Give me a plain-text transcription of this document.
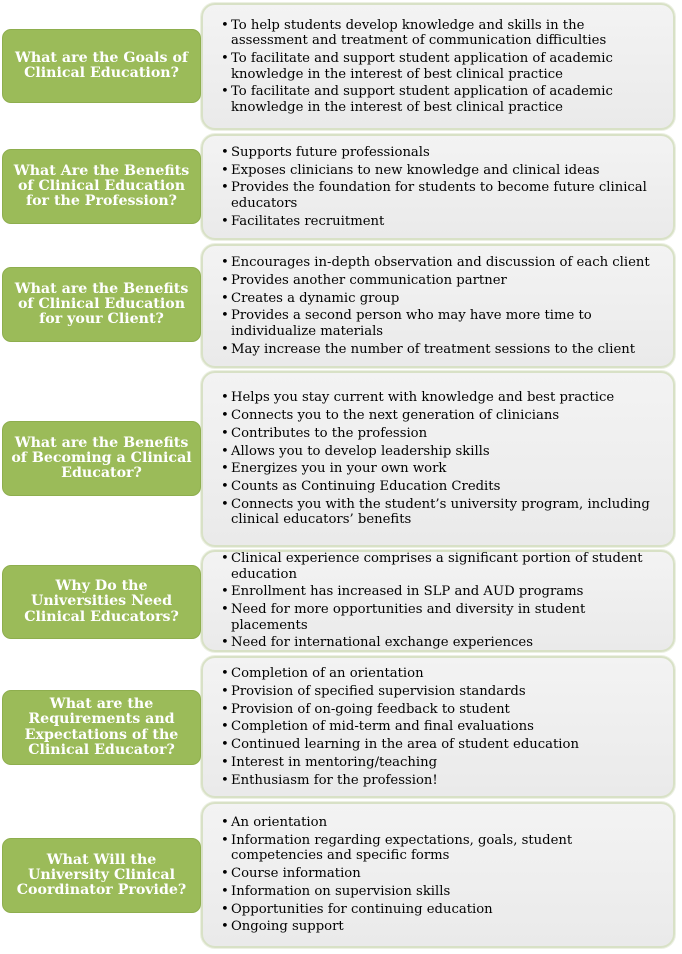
• To help students develop knowledge and skills in the assessment and treatment of communication difficulties
• To facilitate and support student application of academic knowledge in the interest of best clinical practice
• To facilitate and support student application of academic knowledge in the interest of best clinical practice
What are the Goals of Clinical Education?
• Supports future professionals
• Exposes clinicians to new knowledge and clinical ideas
• Provides the foundation for students to become future clinical educators
• Facilitates recruitment
What Are the Benefits of Clinical Education for the Profession?
• Encourages in-depth observation and discussion of each client
• Provides another communication partner
• Creates a dynamic group
• Provides a second person who may have more time to individualize materials
• May increase the number of treatment sessions to the client
What are the Benefits of Clinical Education for your Client?
• Helps you stay current with knowledge and best practice
• Connects you to the next generation of clinicians
• Contributes to the profession
• Allows you to develop leadership skills
• Energizes you in your own work
• Counts as Continuing Education Credits
• Connects you with the student’s university program, including clinical educators’ benefits
What are the Benefits of Becoming a Clinical Educator?
• Clinical experience comprises a significant portion of student education
• Enrollment has increased in SLP and AUD programs
• Need for more opportunities and diversity in student placements
• Need for international exchange experiences
Why Do the Universities Need Clinical Educators?
• Completion of an orientation
• Provision of specified supervision standards
• Provision of on-going feedback to student
• Completion of mid-term and final evaluations
• Continued learning in the area of student education
• Interest in mentoring/teaching
• Enthusiasm for the profession!
What are the Requirements and Expectations of the Clinical Educator?
• An orientation
• Information regarding expectations, goals, student competencies and specific forms
• Course information
• Information on supervision skills
• Opportunities for continuing education
• Ongoing support
What Will the University Clinical Coordinator Provide?
